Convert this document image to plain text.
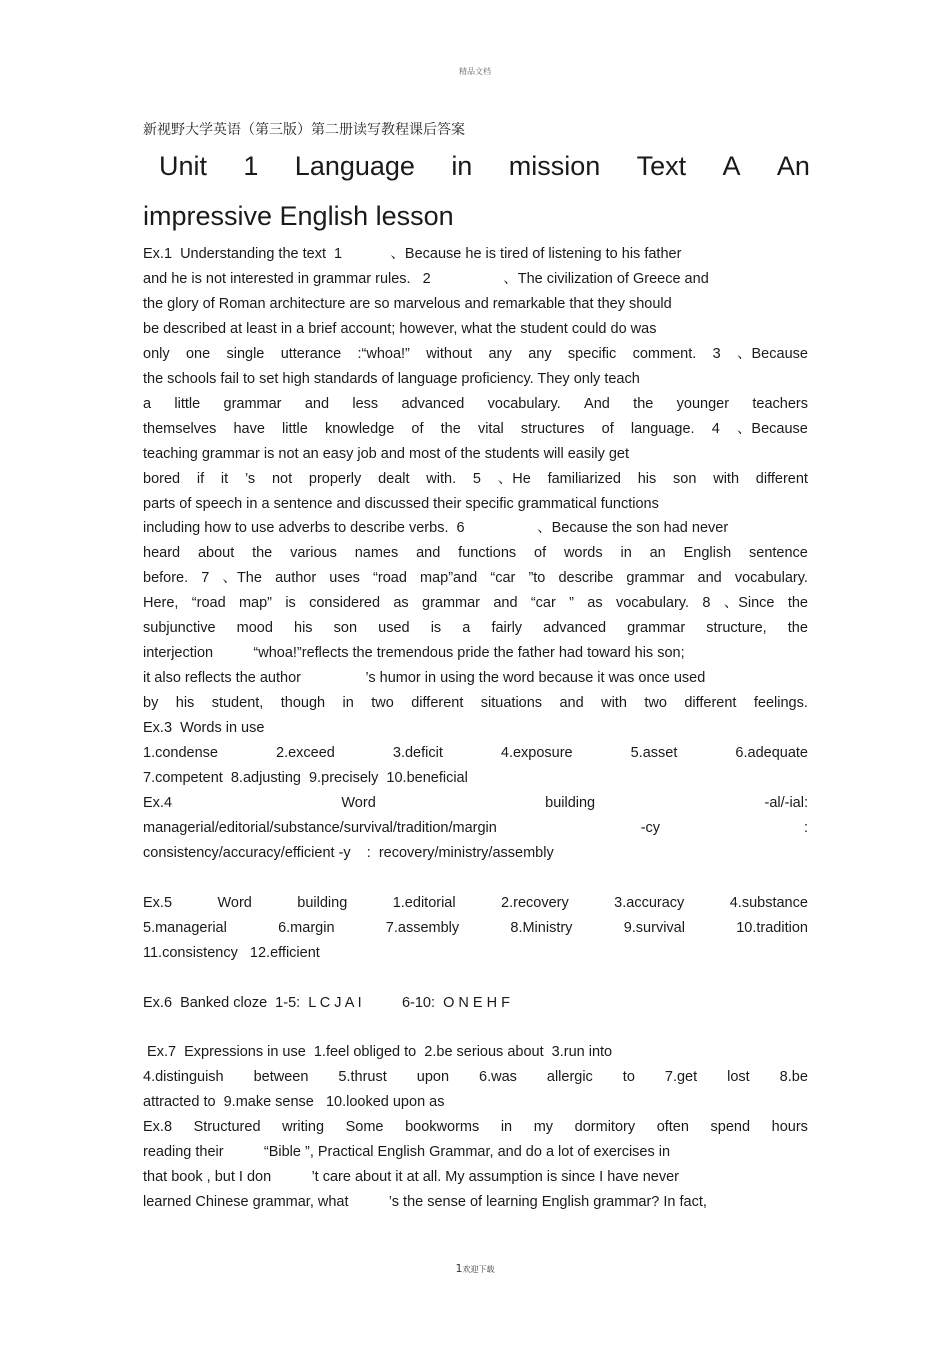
精品文档
新视野大学英语（第三版）第二册读写教程课后答案
Unit 1 Language in mission Text A An
impressive English lesson
Ex.1  Understanding the text  1            、Because he is tired of listening to his father
and he is not interested in grammar rules.   2                  、The civilization of Greece and
the glory of Roman architecture are so marvelous and remarkable that they should
be described at least in a brief account; however, what the student could do was
only one single utterance :“whoa!” without any any specific comment. 3 、Because
the schools fail to set high standards of language proficiency. They only teach
a little grammar and less advanced vocabulary. And the younger teachers
themselves have little knowledge of the vital structures of language. 4 、Because
teaching grammar is not an easy job and most of the students will easily get
bored if it ’s not properly dealt with. 5 、He familiarized his son with different
parts of speech in a sentence and discussed their specific grammatical functions
including how to use adverbs to describe verbs.  6                  、Because the son had never
heard about the various names and functions of words in an English sentence
before. 7 、The author uses “road map”and “car ”to describe grammar and vocabulary.
Here, “road map” is considered as grammar and “car ” as vocabulary. 8 、Since the
subjunctive mood his son used is a fairly advanced grammar structure, the
interjection          “whoa!”reflects the tremendous pride the father had toward his son;
it also reflects the author                ’s humor in using the word because it was once used
by his student, though in two different situations and with two different feelings.
Ex.3  Words in use
1.condense	2.exceed	3.deficit	4.exposure	5.asset	6.adequate
7.competent  8.adjusting  9.precisely  10.beneficial
Ex.4	Word	building	-al/-ial:
managerial/editorial/substance/survival/tradition/margin	-cy	:
consistency/accuracy/efficient -y    :  recovery/ministry/assembly
Ex.5	Word	building	1.editorial	2.recovery	3.accuracy	4.substance
5.managerial	6.margin	7.assembly	8.Ministry	9.survival	10.tradition
11.consistency   12.efficient
Ex.6  Banked cloze  1-5:  L C J A I          6-10:  O N E H F
Ex.7  Expressions in use  1.feel obliged to  2.be serious about  3.run into
4.distinguish between 5.thrust upon 6.was allergic to 7.get lost 8.be
attracted to  9.make sense   10.looked upon as
Ex.8 Structured writing Some bookworms in my dormitory often spend hours
reading their          “Bible ”, Practical English Grammar, and do a lot of exercises in
that book , but I don          ’t care about it at all. My assumption is since I have never
learned Chinese grammar, what          ’s the sense of learning English grammar? In fact,
1欢迎下载
